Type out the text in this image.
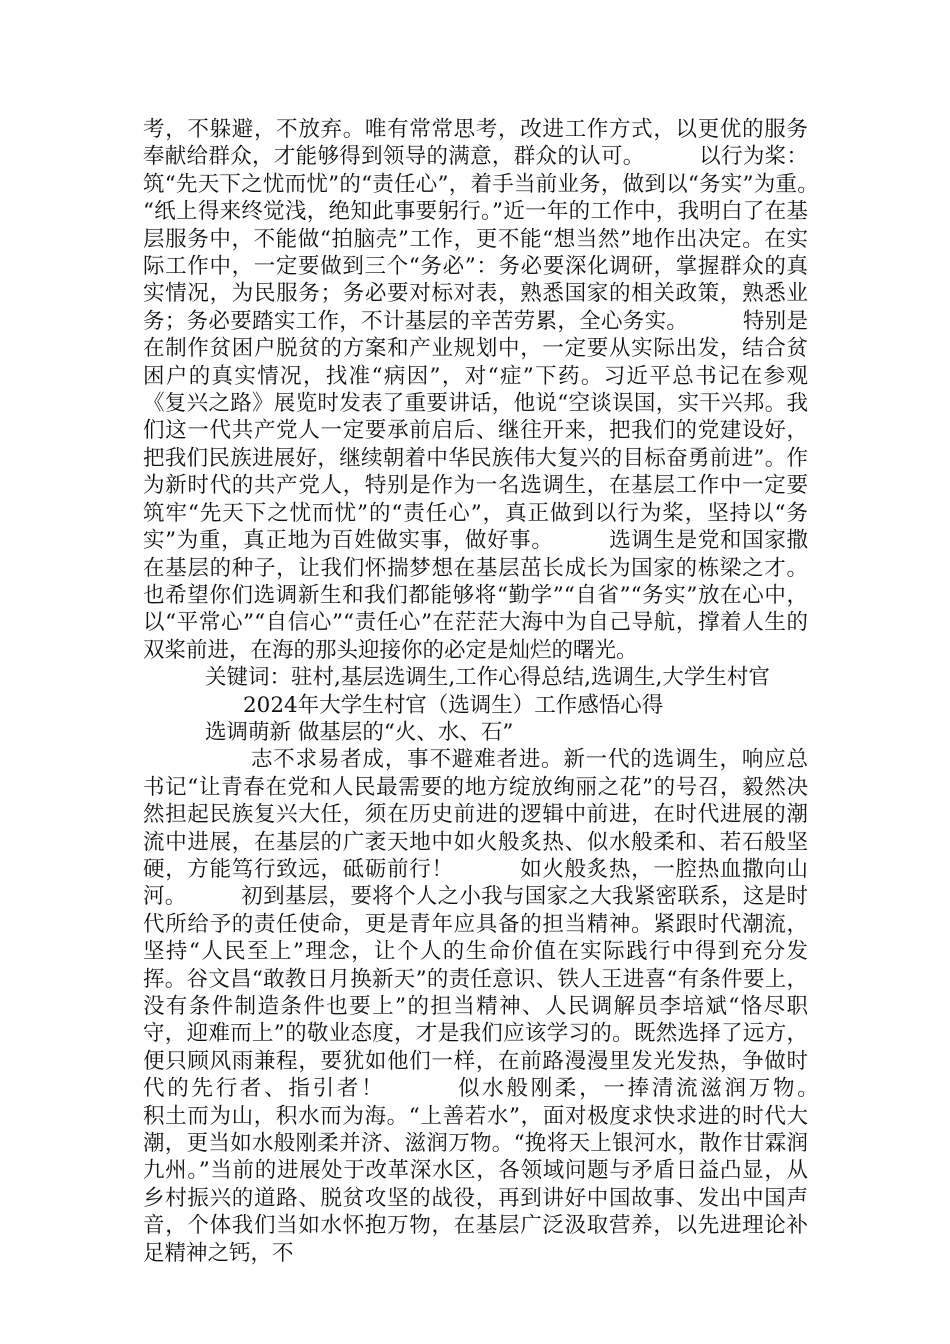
考，不躲避，不放弃。唯有常常思考，改进工作方式，以更优的服务奉献给群众，才能够得到领导的满意，群众的认可。　　　以行为桨：筑“先天下之忧而忧”的“责任心”，着手当前业务，做到以“务实”为重。　　　“纸上得来终觉浅，绝知此事要躬行。”近一年的工作中，我明白了在基层服务中，不能做“拍脑壳”工作，更不能“想当然”地作出决定。在实际工作中，一定要做到三个“务必”：务必要深化调研，掌握群众的真实情况，为民服务；务必要对标对表，熟悉国家的相关政策，熟悉业务；务必要踏实工作，不计基层的辛苦劳累，全心务实。　　　特别是在制作贫困户脱贫的方案和产业规划中，一定要从实际出发，结合贫困户的真实情况，找准“病因”，对“症”下药。习近平总书记在参观《复兴之路》展览时发表了重要讲话，他说“空谈误国，实干兴邦。我们这一代共产党人一定要承前启后、继往开来，把我们的党建设好，把我们民族进展好，继续朝着中华民族伟大复兴的目标奋勇前进”。作为新时代的共产党人，特别是作为一名选调生，在基层工作中一定要筑牢“先天下之忧而忧”的“责任心”，真正做到以行为桨，坚持以“务实”为重，真正地为百姓做实事，做好事。　　　选调生是党和国家撒在基层的种子，让我们怀揣梦想在基层茁长成长为国家的栋梁之才。也希望你们选调新生和我们都能够将“勤学”“自省”“务实”放在心中，以“平常心”“自信心”“责任心”在茫茫大海中为自己导航，撑着人生的双桨前进，在海的那头迎接你的必定是灿烂的曙光。

关键词：驻村,基层选调生,工作心得总结,选调生,大学生村官

2024年大学生村官（选调生）工作感悟心得

选调萌新 做基层的“火、水、石”

志不求易者成，事不避难者进。新一代的选调生，响应总书记“让青春在党和人民最需要的地方绽放绚丽之花”的号召，毅然决然担起民族复兴大任，须在历史前进的逻辑中前进，在时代进展的潮流中进展，在基层的广袤天地中如火般炙热、似水般柔和、若石般坚硬，方能笃行致远，砥砺前行！　　　如火般炙热，一腔热血撒向山河。　　　初到基层，要将个人之小我与国家之大我紧密联系，这是时代所给予的责任使命，更是青年应具备的担当精神。紧跟时代潮流，坚持“人民至上”理念，让个人的生命价值在实际践行中得到充分发挥。谷文昌“敢教日月换新天”的责任意识、铁人王进喜“有条件要上，没有条件制造条件也要上”的担当精神、人民调解员李培斌“恪尽职守，迎难而上”的敬业态度，才是我们应该学习的。既然选择了远方，便只顾风雨兼程，要犹如他们一样，在前路漫漫里发光发热，争做时代的先行者、指引者！　　　似水般刚柔，一捧清流滋润万物。　　　积土而为山，积水而为海。“上善若水”，面对极度求快求进的时代大潮，更当如水般刚柔并济、滋润万物。“挽将天上银河水，散作甘霖润九州。”当前的进展处于改革深水区，各领域问题与矛盾日益凸显，从乡村振兴的道路、脱贫攻坚的战役，再到讲好中国故事、发出中国声音，个体我们当如水怀抱万物，在基层广泛汲取营养，以先进理论补足精神之钙，不
